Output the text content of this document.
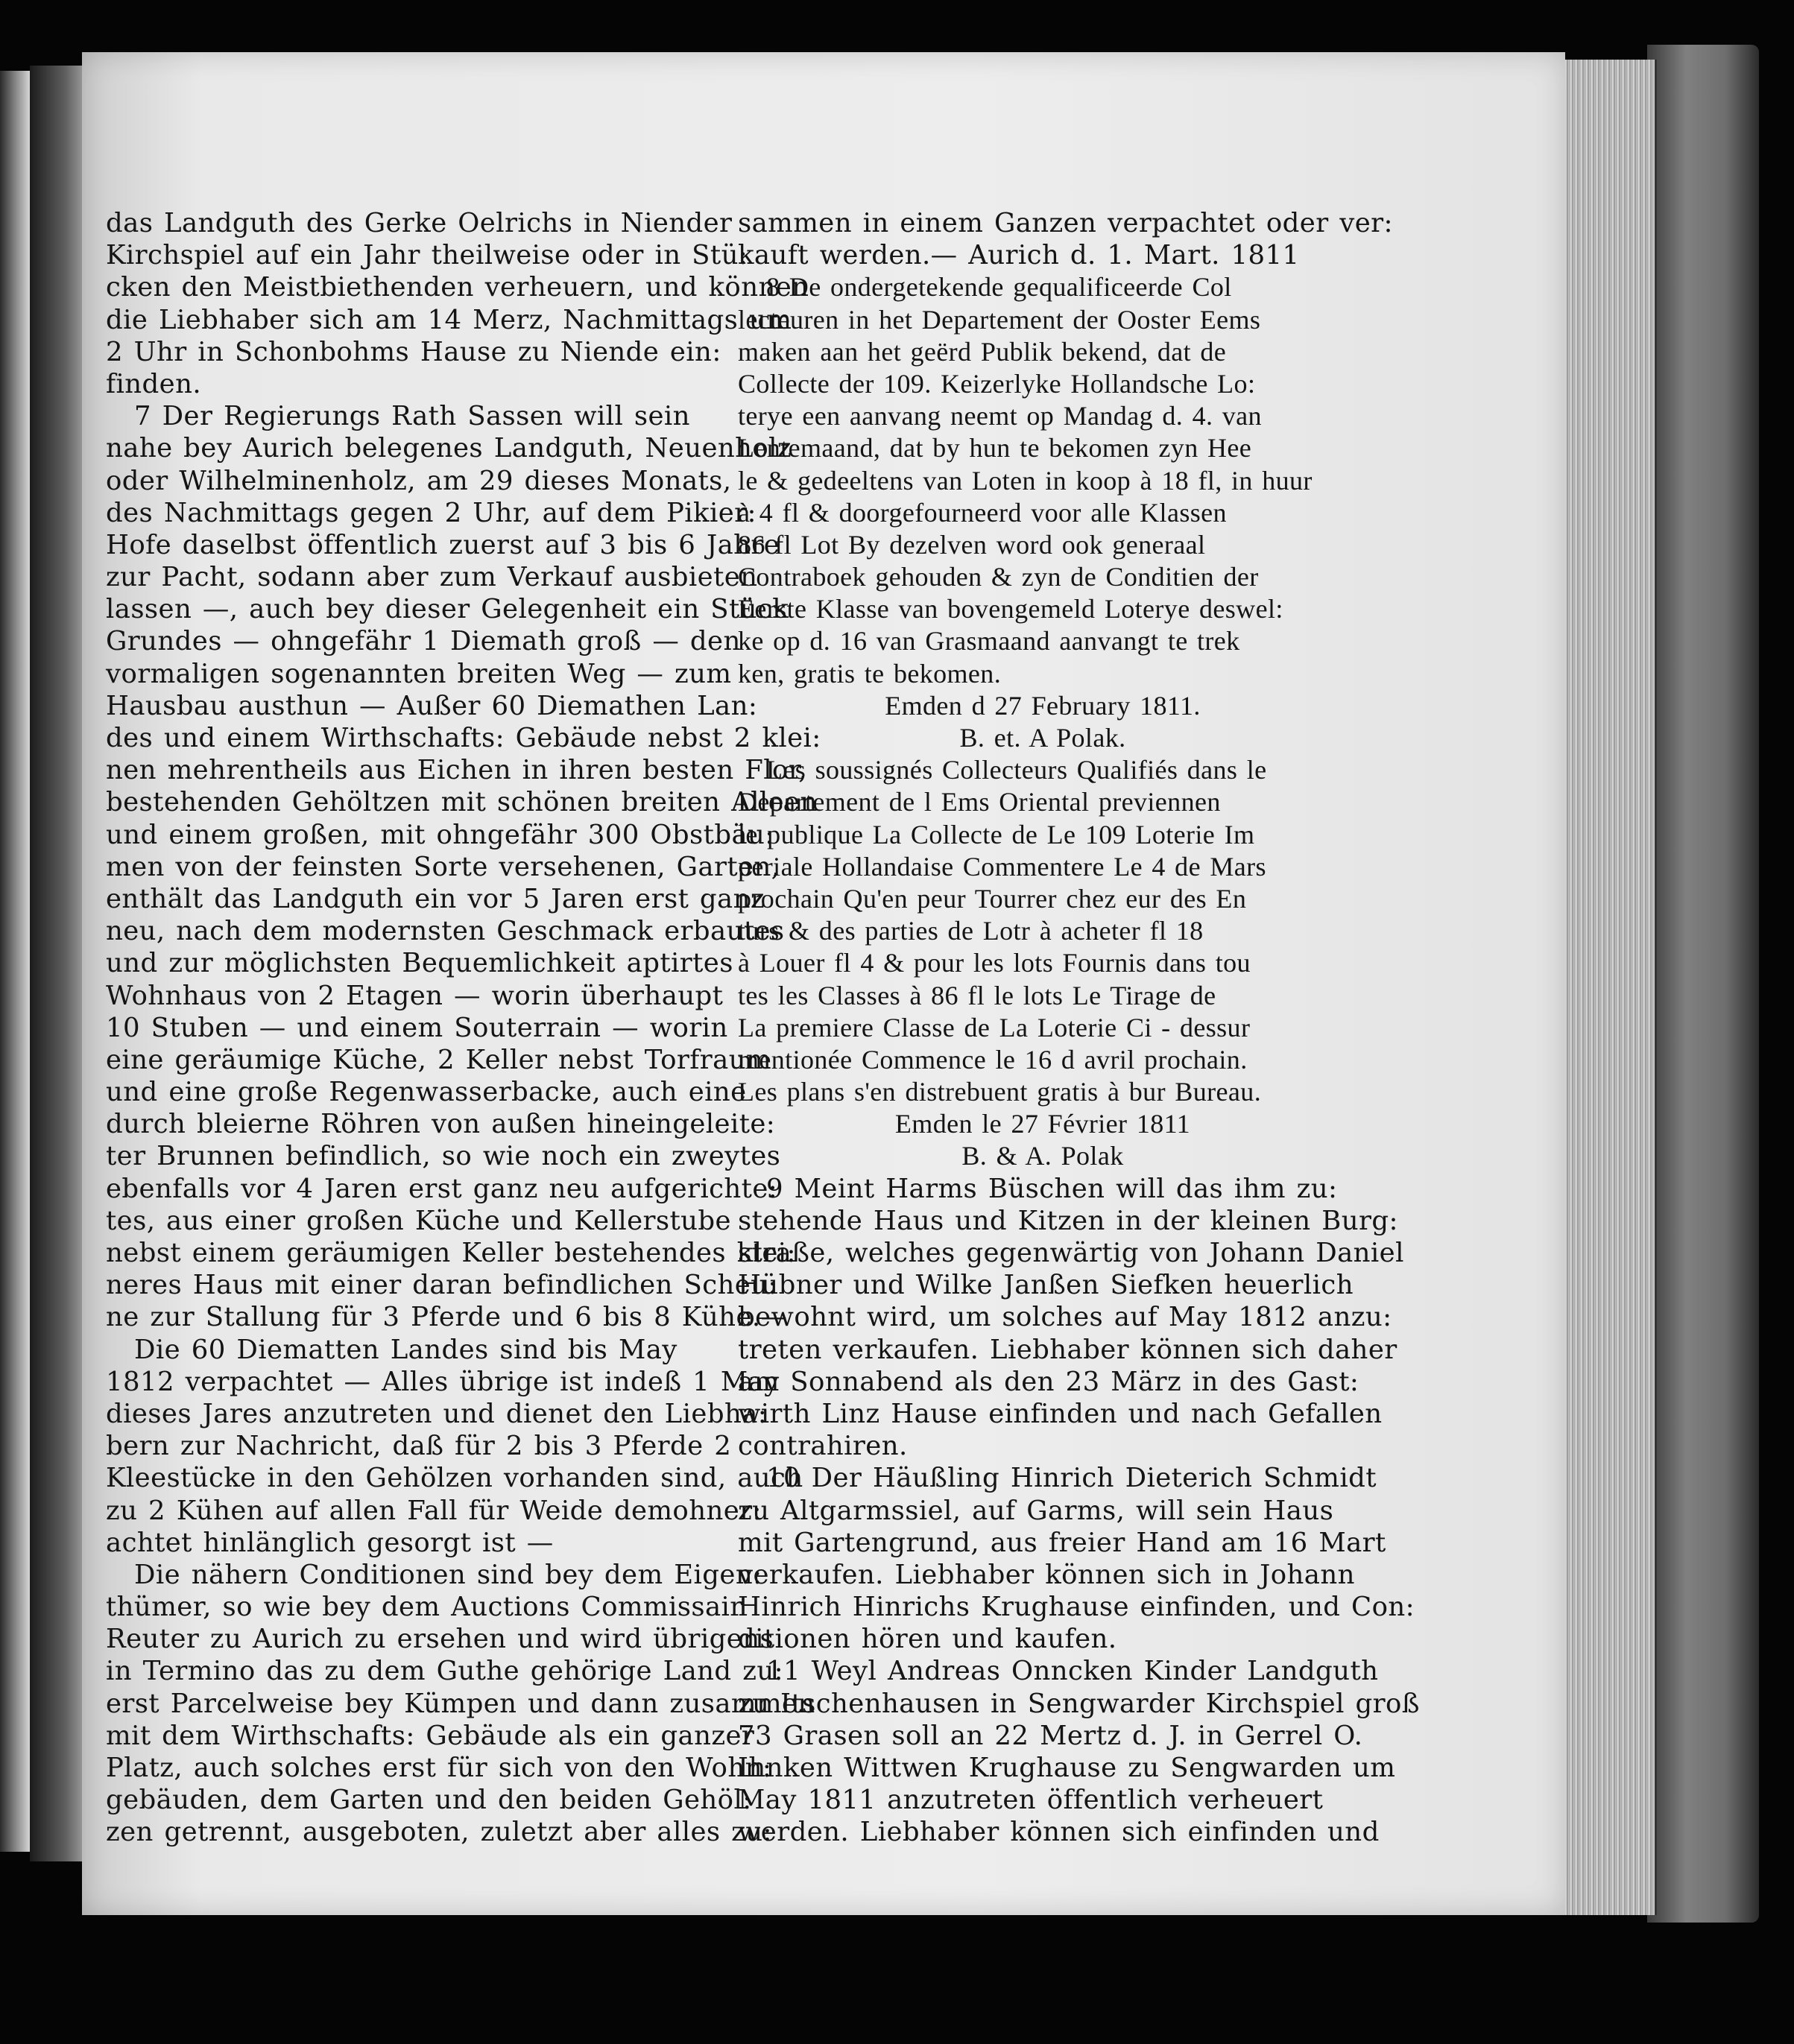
das Landguth des Gerke Oelrichs in Niender
Kirchspiel auf ein Jahr theilweise oder in Stü:
cken den Meistbiethenden verheuern, und können
die Liebhaber sich am 14 Merz, Nachmittags um
2 Uhr in Schonbohms Hause zu Niende ein:
finden.
7 Der Regierungs Rath Sassen will sein
nahe bey Aurich belegenes Landguth, Neuenholz
oder Wilhelminenholz, am 29 dieses Monats,
des Nachmittags gegen 2 Uhr, auf dem Pikier:
Hofe daselbst öffentlich zuerst auf 3 bis 6 Jahre
zur Pacht, sodann aber zum Verkauf ausbieten
lassen —, auch bey dieser Gelegenheit ein Stück
Grundes — ohngefähr 1 Diemath groß — den
vormaligen sogenannten breiten Weg — zum
Hausbau austhun — Außer 60 Diemathen Lan:
des und einem Wirthschafts: Gebäude nebst 2 klei:
nen mehrentheils aus Eichen in ihren besten Flor,
bestehenden Gehöltzen mit schönen breiten Alleen
und einem großen, mit ohngefähr 300 Obstbäu:
men von der feinsten Sorte versehenen, Garten,
enthält das Landguth ein vor 5 Jaren erst ganz
neu, nach dem modernsten Geschmack erbautes
und zur möglichsten Bequemlichkeit aptirtes
Wohnhaus von 2 Etagen — worin überhaupt
10 Stuben — und einem Souterrain — worin
eine geräumige Küche, 2 Keller nebst Torfraum
und eine große Regenwasserbacke, auch eine
durch bleierne Röhren von außen hineingeleite:
ter Brunnen befindlich, so wie noch ein zweytes
ebenfalls vor 4 Jaren erst ganz neu aufgerichte:
tes, aus einer großen Küche und Kellerstube
nebst einem geräumigen Keller bestehendes klei:
neres Haus mit einer daran befindlichen Scheu:
ne zur Stallung für 3 Pferde und 6 bis 8 Kühe.—
Die 60 Diematten Landes sind bis May
1812 verpachtet — Alles übrige ist indeß 1 May
dieses Jares anzutreten und dienet den Liebha:
bern zur Nachricht, daß für 2 bis 3 Pferde 2
Kleestücke in den Gehölzen vorhanden sind, auch
zu 2 Kühen auf allen Fall für Weide demohner:
achtet hinlänglich gesorgt ist —
Die nähern Conditionen sind bey dem Eigen:
thümer, so wie bey dem Auctions Commissair
Reuter zu Aurich zu ersehen und wird übrigens
in Termino das zu dem Guthe gehörige Land zu:
erst Parcelweise bey Kümpen und dann zusammen
mit dem Wirthschafts: Gebäude als ein ganzer
Platz, auch solches erst für sich von den Wohn:
gebäuden, dem Garten und den beiden Gehöl:
zen getrennt, ausgeboten, zuletzt aber alles zu:
sammen in einem Ganzen verpachtet oder ver:
kauft werden.— Aurich d. 1. Mart. 1811
8 De ondergetekende gequalificeerde Col
lecteuren in het Departement der Ooster Eems
maken aan het geërd Publik bekend, dat de
Collecte der 109. Keizerlyke Hollandsche Lo:
terye een aanvang neemt op Mandag d. 4. van
Lentemaand, dat by hun te bekomen zyn Hee
le & gedeeltens van Loten in koop à 18 fl, in huur
à 4 fl & doorgefourneerd voor alle Klassen
86 fl Lot By dezelven word ook generaal
Contraboek gehouden & zyn de Conditien der
Eerste Klasse van bovengemeld Loterye deswel:
ke op d. 16 van Grasmaand aanvangt te trek
ken, gratis te bekomen.
Emden d 27 February 1811.
B. et. A Polak.
Les soussignés Collecteurs Qualifiés dans le
Departement de l Ems Oriental previennen
le publique La Collecte de Le 109 Loterie Im
periale Hollandaise Commentere Le 4 de Mars
prochain Qu'en peur Tourrer chez eur des En
turs & des parties de Lotr à acheter fl 18
à Louer fl 4 & pour les lots Fournis dans tou
tes les Classes à 86 fl le lots Le Tirage de
La premiere Classe de La Loterie Ci - dessur
mentionée Commence le 16 d avril prochain.
Les plans s'en distrebuent gratis à bur Bureau.
Emden le 27 Février 1811
B. & A. Polak
9 Meint Harms Büschen will das ihm zu:
stehende Haus und Kitzen in der kleinen Burg:
straße, welches gegenwärtig von Johann Daniel
Hübner und Wilke Janßen Siefken heuerlich
bewohnt wird, um solches auf May 1812 anzu:
treten verkaufen. Liebhaber können sich daher
am Sonnabend als den 23 März in des Gast:
wirth Linz Hause einfinden und nach Gefallen
contrahiren.
10 Der Häußling Hinrich Dieterich Schmidt
zu Altgarmssiel, auf Garms, will sein Haus
mit Gartengrund, aus freier Hand am 16 Mart
verkaufen. Liebhaber können sich in Johann
Hinrich Hinrichs Krughause einfinden, und Con:
ditionen hören und kaufen.
11 Weyl Andreas Onncken Kinder Landguth
zu Itschenhausen in Sengwarder Kirchspiel groß
73 Grasen soll an 22 Mertz d. J. in Gerrel O.
Ihnken Wittwen Krughause zu Sengwarden um
May 1811 anzutreten öffentlich verheuert
werden. Liebhaber können sich einfinden und
